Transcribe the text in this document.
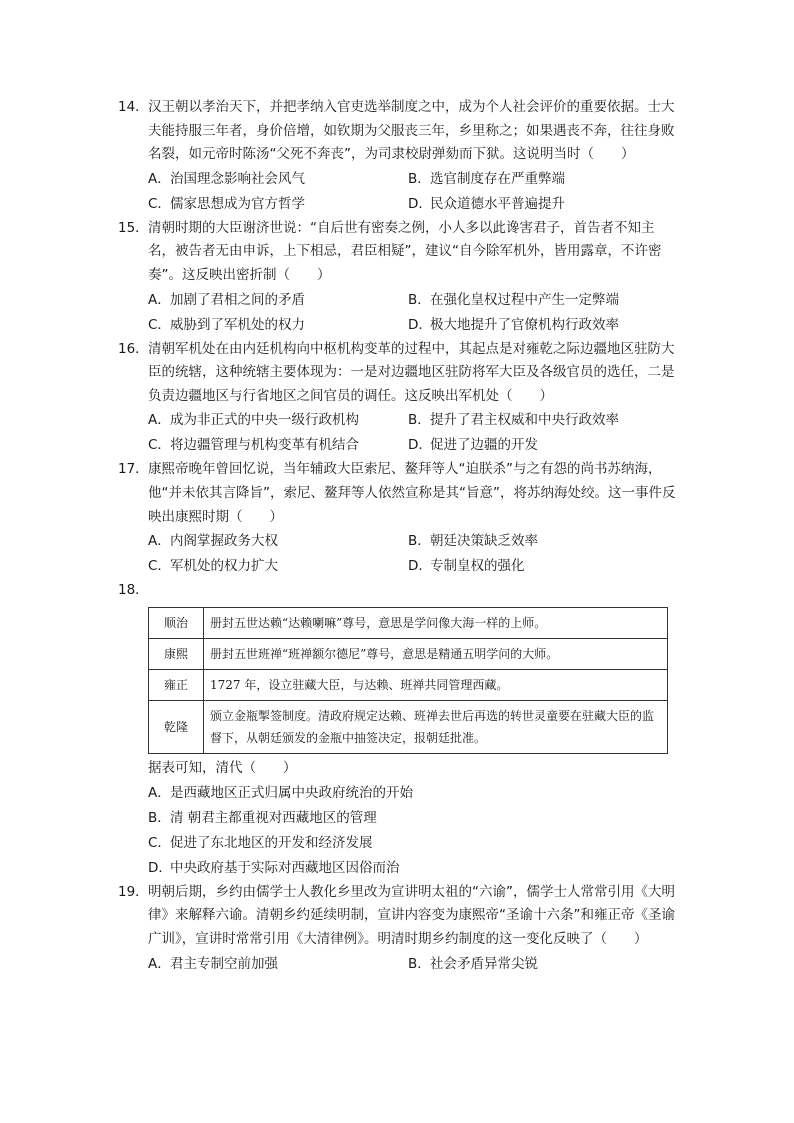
14． 汉王朝以孝治天下，并把孝纳入官吏选举制度之中，成为个人社会评价的重要依据。士大夫能持服三年者，身价倍增，如钦期为父服丧三年，乡里称之；如果遇丧不奔，往往身败名裂，如元帝时陈汤“父死不奔丧”，为司隶校尉弹劾而下狱。这说明当时（　　）
A．治国理念影响社会风气	B．选官制度存在严重弊端
C．儒家思想成为官方哲学	D．民众道德水平普遍提升
15． 清朝时期的大臣谢济世说：“自后世有密奏之例，小人多以此谗害君子，首告者不知主名，被告者无由申诉，上下相忌，君臣相疑”，建议“自今除军机外，皆用露章，不许密奏”。这反映出密折制（　　）
A．加剧了君相之间的矛盾	B．在强化皇权过程中产生一定弊端
C．威胁到了军机处的权力	D．极大地提升了官僚机构行政效率
16． 清朝军机处在由内廷机构向中枢机构变革的过程中，其起点是对雍乾之际边疆地区驻防大臣的统辖，这种统辖主要体现为：一是对边疆地区驻防将军大臣及各级官员的选任，二是负责边疆地区与行省地区之间官员的调任。这反映出军机处（　　）
A．成为非正式的中央一级行政机构	B．提升了君主权威和中央行政效率
C．将边疆管理与机构变革有机结合	D．促进了边疆的开发
17． 康熙帝晚年曾回忆说，当年辅政大臣索尼、鳌拜等人“迫朕杀”与之有怨的尚书苏纳海，他“并未依其言降旨”，索尼、鳌拜等人依然宣称是其“旨意”，将苏纳海处绞。这一事件反映出康熙时期（　　）
A．内阁掌握政务大权	B．朝廷决策缺乏效率
C．军机处的权力扩大	D．专制皇权的强化
18．

顺治	册封五世达赖“达赖喇嘛”尊号，意思是学问像大海一样的上师。
康熙	册封五世班禅“班禅额尔德尼”尊号，意思是精通五明学问的大师。
雍正	1727 年，设立驻藏大臣，与达赖、班禅共同管理西藏。
乾隆	颁立金瓶掣签制度。清政府规定达赖、班禅去世后再选的转世灵童要在驻藏大臣的监督下，从朝廷颁发的金瓶中抽签决定，报朝廷批准。
据表可知，清代（　　）
A．是西藏地区正式归属中央政府统治的开始
B．清 朝君主都重视对西藏地区的管理
C．促进了东北地区的开发和经济发展
D．中央政府基于实际对西藏地区因俗而治
19． 明朝后期，乡约由儒学士人教化乡里改为宣讲明太祖的“六谕”，儒学士人常常引用《大明律》来解释六谕。清朝乡约延续明制，宣讲内容变为康熙帝“圣谕十六条”和雍正帝《圣谕广训》，宣讲时常常引用《大清律例》。明清时期乡约制度的这一变化反映了（　　）
A．君主专制空前加强	B．社会矛盾异常尖锐
